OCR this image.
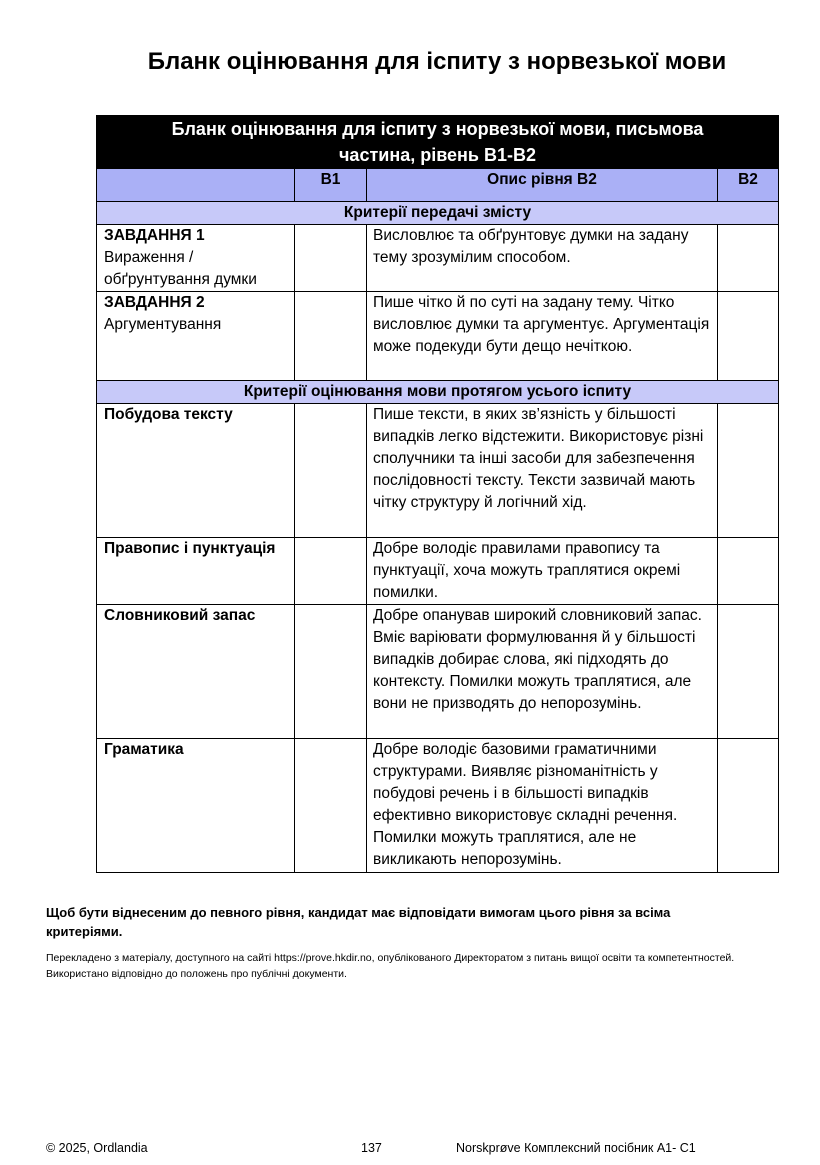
Бланк оцінювання для іспиту з норвезької мови
Бланк оцінювання для іспиту з норвезької мови, письмова
частина, рівень В1-В2			
	В1	Опис рівня В2	В2
Критерії передачі змісту			

ЗАВДАННЯ 1
Вираження / обґрунтування думки		Висловлює та обґрунтовує думки на задану тему зрозумілим способом.	

ЗАВДАННЯ 2
Аргументування		Пише чітко й по суті на задану тему. Чітко висловлює думки та аргументує. Аргументація може подекуди бути дещо нечіткою.	
Критерії оцінювання мови протягом усього іспиту			

Побудова тексту		Пише тексти, в яких зв’язність у більшості випадків легко відстежити. Використовує різні сполучники та інші засоби для забезпечення послідовності тексту. Тексти зазвичай мають чітку структуру й логічний хід.	

Правопис і пунктуація		Добре володіє правилами правопису та пунктуації, хоча можуть траплятися окремі помилки.	

Словниковий запас		Добре опанував широкий словниковий запас. Вміє варіювати формулювання й у більшості випадків добирає слова, які підходять до контексту. Помилки можуть траплятися, але вони не призводять до непорозумінь.	

Граматика		Добре володіє базовими граматичними структурами. Виявляє різноманітність у побудові речень і в більшості випадків ефективно використовує складні речення. Помилки можуть траплятися, але не викликають непорозумінь.	

Щоб бути віднесеним до певного рівня, кандидат має відповідати вимогам цього рівня за всіма критеріями.

Перекладено з матеріалу, доступного на сайті https://prove.hkdir.no, опублікованого Директоратом з питань вищої освіти та компетентностей. Використано відповідно до положень про публічні документи.

© 2025, Ordlandia	137	Norskprøve Комплексний посібник А1- С1
